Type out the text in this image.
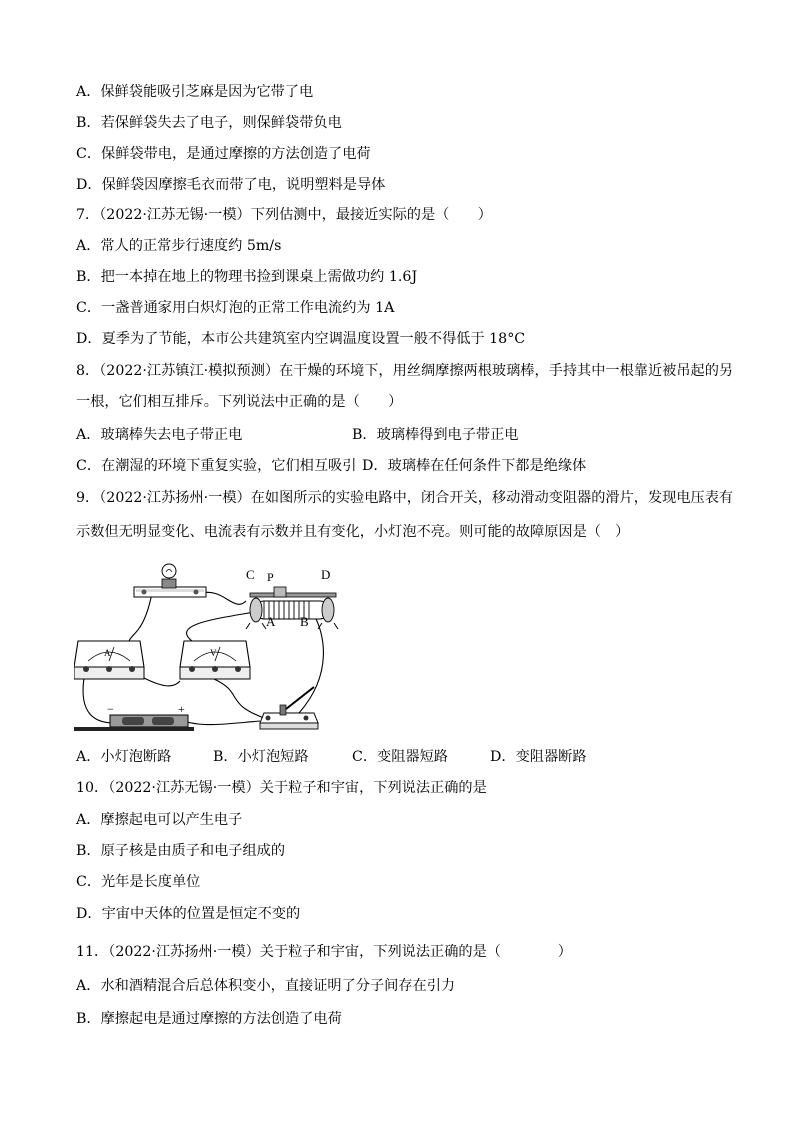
A．保鲜袋能吸引芝麻是因为它带了电
B．若保鲜袋失去了电子，则保鲜袋带负电
C．保鲜袋带电，是通过摩擦的方法创造了电荷
D．保鲜袋因摩擦毛衣而带了电，说明塑料是导体
7．（2022·江苏无锡·一模）下列估测中，最接近实际的是（　　）
A．常人的正常步行速度约 5m/s
B．把一本掉在地上的物理书捡到课桌上需做功约 1.6J
C．一盏普通家用白炽灯泡的正常工作电流约为 1A
D．夏季为了节能，本市公共建筑室内空调温度设置一般不得低于 18°C
8．（2022·江苏镇江·模拟预测）在干燥的环境下，用丝绸摩擦两根玻璃棒，手持其中一根靠近被吊起的另
一根，它们相互排斥。下列说法中正确的是（　　）
A．玻璃棒失去电子带正电	B．玻璃棒得到电子带正电
C．在潮湿的环境下重复实验，它们相互吸引 D．玻璃棒在任何条件下都是绝缘体
9．（2022·江苏扬州·一模）在如图所示的实验电路中，闭合开关，移动滑动变阻器的滑片，发现电压表有
示数但无明显变化、电流表有示数并且有变化，小灯泡不亮。则可能的故障原因是（　）
C P	D
A B
A	V
−	+
A．小灯泡断路	B．小灯泡短路	C．变阻器短路	D．变阻器断路
10．（2022·江苏无锡·一模）关于粒子和宇宙，下列说法正确的是
A．摩擦起电可以产生电子
B．原子核是由质子和电子组成的
C．光年是长度单位
D．宇宙中天体的位置是恒定不变的
11．（2022·江苏扬州·一模）关于粒子和宇宙，下列说法正确的是（　　　　）
A．水和酒精混合后总体积变小，直接证明了分子间存在引力
B．摩擦起电是通过摩擦的方法创造了电荷
